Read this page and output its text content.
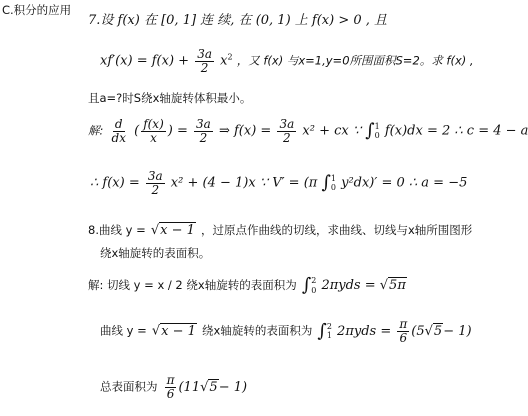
C.积分的应用
7.设 f(x) 在 [0, 1] 连 续, 在 (0, 1) 上 f(x) > 0 , 且
$xf'(x) = f(x) + \frac{3a}{2} x^2$ ，又 f(x) 与x=1,y=0所围面积S=2。求 f(x) ,
且a=?时S绕x轴旋转体积最小。
解: $\frac{d}{dx}$ ( $\frac{f(x)}{x}$ ) = $\frac{3a}{2}$ ⇒ $f(x) = \frac{3a}{2} x^2$ + cx ∵ ∫ 1
0 f(x)dx = 2 ∴ c = 4 − a
∴ $f(x) = \frac{3a}{2} x^2 + (4 - 1)x$ ∵ V′ = (π ∫ 1
0 y²dx)′ = 0 ∴ a = −5
8.曲线 y = √x − 1 ，过原点作曲线的切线，求曲线、切线与x轴所围图形
绕x轴旋转的表面积。
解: 切线 y = x / 2 绕x轴旋转的表面积为 ∫ 2
0 2πyds = √5π
曲线 y = √x − 1 绕x轴旋转的表面积为 ∫ 2
1 $2\pi yds = \frac{\pi}{6} (5√5- 1)$
总表面积为 $\frac{\pi}{6} (11√5- 1)$
